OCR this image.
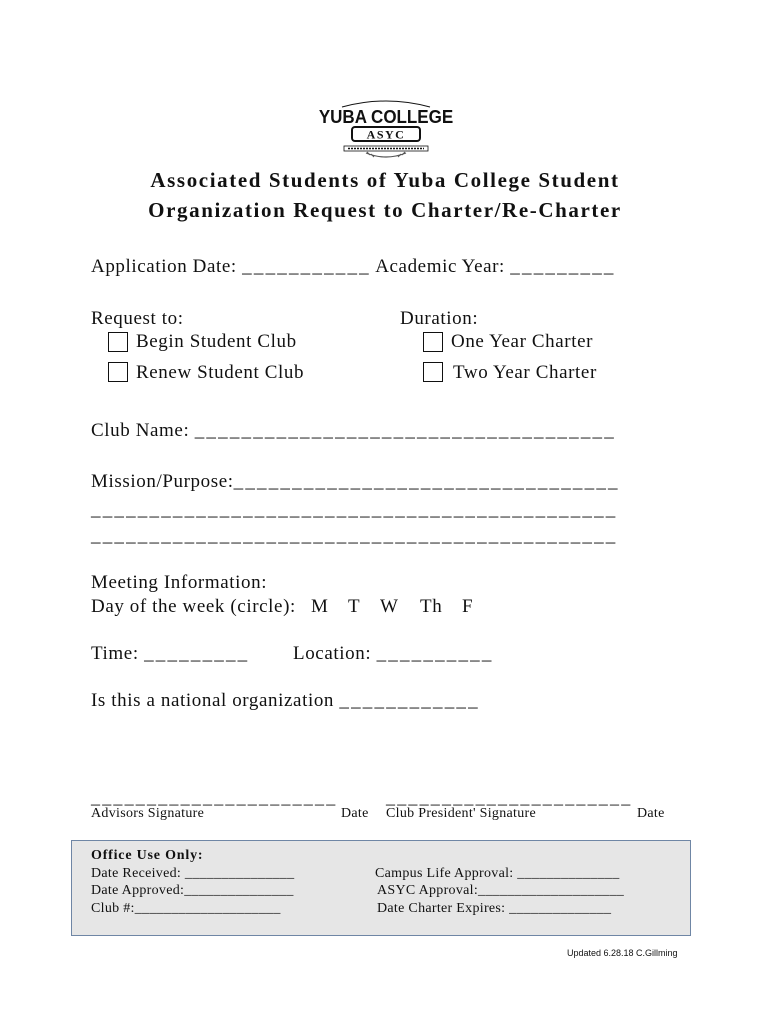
YUBA COLLEGE
ASYC
Associated Students of Yuba College Student
Organization Request to Charter/Re-Charter
Application Date: ___________ Academic Year: _________
Request to:
Begin Student Club
Renew Student Club
Duration:
One Year Charter
Two Year Charter
Club Name: ____________________________________
Mission/Purpose:_________________________________
_____________________________________________
_____________________________________________
Meeting Information:
Day of the week (circle): M T W Th F
Time: _________ Location: __________
Is this a national organization ____________
______________________	______________________
Advisors Signature	Date Club President' Signature	Date
Office Use Only:
Date Received: _______________
Date Approved:_______________
Club #:____________________
Campus Life Approval: ______________
ASYC Approval:____________________
Date Charter Expires: ______________
Updated 6.28.18 C.Gillming
